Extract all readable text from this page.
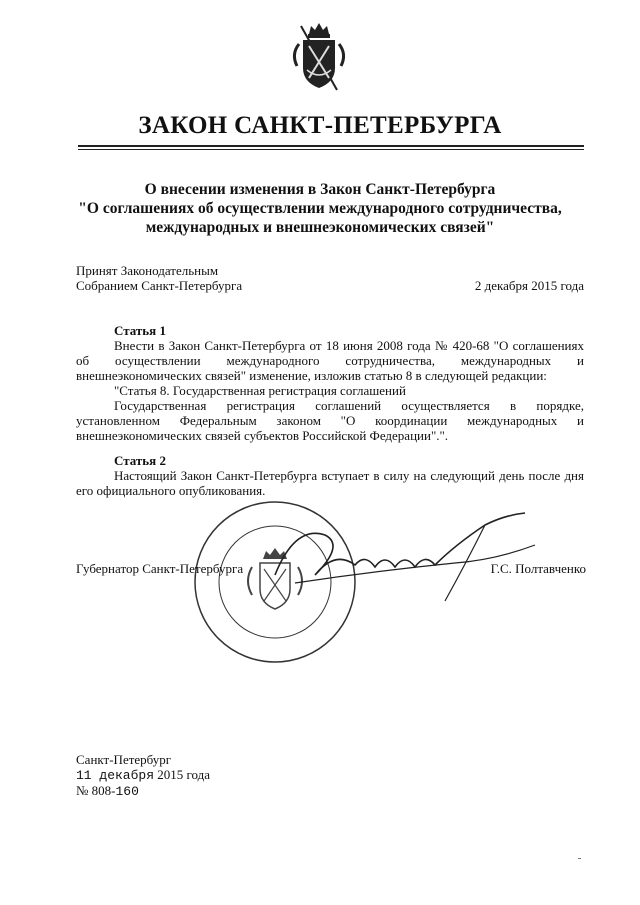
ЗАКОН САНКТ-ПЕТЕРБУРГА
О внесении изменения в Закон Санкт-Петербурга
"О соглашениях об осуществлении международного сотрудничества,
международных и внешнеэкономических связей"
Принят Законодательным
Собранием Санкт-Петербурга	2 декабря 2015 года
Статья 1
Внести в Закон Санкт-Петербурга от 18 июня 2008 года № 420-68 "О соглашениях об осуществлении международного сотрудничества, международных и внешнеэкономических связей" изменение, изложив статью 8 в следующей редакции:
"Статья 8. Государственная регистрация соглашений
Государственная регистрация соглашений осуществляется в порядке, установленном Федеральным законом "О координации международных и внешнеэкономических связей субъектов Российской Федерации".".
Статья 2
Настоящий Закон Санкт-Петербурга вступает в силу на следующий день после дня его официального опубликования.
Губернатор Санкт-Петербурга	Г.С. Полтавченко
Санкт-Петербург
11 декабря 2015 года
№ 808-160
